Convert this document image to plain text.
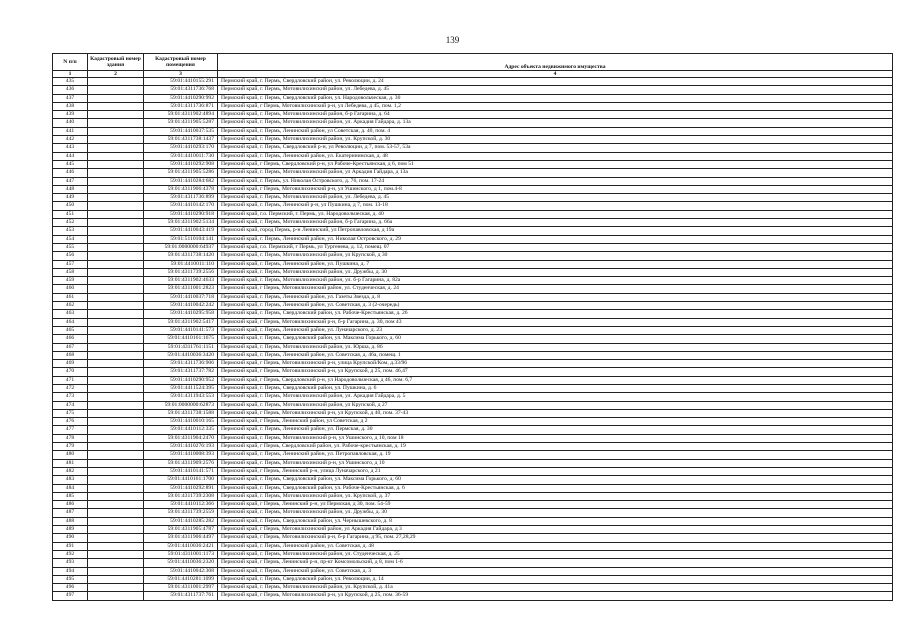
139
N п/п	Кадастровый номер здания	Кадастровый номер помещения	Адрес объекта недвижимого имущества
1	2	3	4
435		59:01:4410155:291	Пермский край, г. Пермь, Свердловский район, ул. Революции, д. 24
436		59:01:4311736:768	Пермский край, г. Пермь, Мотовилихинский район, ул. Лебедева, д. 45
437		59:01:4410290:992	Пермский край, г. Пермь, Свердловский район, ул. Народовольческая, д. 30
438		59:01:4311736:871	Пермский край, г Пермь, Мотовилихинский р-н, ул Лебедева, д 45, пом. 1,2
439		59:01:4311902:4894	Пермский край, г. Пермь, Мотовилихинский район, б-р Гагарина, д. 64
440		59:01:4311905:5287	Пермский край, г. Пермь, Мотовилихинский район, ул. Аркадия Гайдара, д. 13а
441		59:01:4410037:535	Пермский край, г. Пермь, Ленинский район, ул Советская, д. 40, пом. 4
442		59:01:4311738:1437	Пермский край, г. Пермь, Мотовилихинский район, ул. Крупской, д. 30
443		59:01:4410293:170	Пермский край, г. Пермь, Свердловский р-н, ул Революции, д 7, пом. 53-57, 53а
444		59:01:4410011:730	Пермский край, г. Пермь, Ленинский район, ул. Екатерининская, д. 48
445		59:01:4410292:908	Пермский край, г Пермь, Свердловский р-н, ул Рабоче-Крестьянская, д 6, пом 51
446		59:01:4311905:5286	Пермский край, г. Пермь, Мотовилихинский район, ул Аркадия Гайдара, д 13а
447		59:01:4410284:682	Пермский край, г. Пермь, ул. Николая Островского, д. 76, пом. 17-24
448		59:01:4311906:4378	Пермский край, г Пермь, Мотовилихинский р-н, ул Ушинского, д 1, пом.4-8
449		59:01:4311736:899	Пермский край, г. Пермь, Мотовилихинский район, ул. Лебедева, д. 45
450		59:01:4410142:170	Пермский край, г. Пермь, Ленинский р-н, ул Пушкина, д 7, пом. 13-18
451		59:01:4410290:918	Пермский край, г.о. Пермский, г. Пермь, ул. Народовольческая, д. 40
452		59:01:4311902:5134	Пермский край, г. Пермь, Мотовилихинский район, б-р Гагарина, д. 66а
453		59:01:4410043:419	Пермский край, город Пермь, р-н Ленинский, ул Петропавловская, д 19а
454		59:01:5110104:141	Пермский край, г. Пермь, Ленинский район, ул. Николая Островского, д. 29
455		59:01:0000000:64937	Пермский край, г.о. Пермский, г Пермь, ул Тургенева, д. 12, помещ. 07
456		59:01:4311738:1420	Пермский край, г. Пермь, Мотовилихинский район, ул Крупской, д 30
457		59:01:4410011:110	Пермский край, г. Пермь, Ленинский район, ул. Пушкина, д. 7
458		59:01:4311739:2556	Пермский край, г. Пермь, Мотовилихинский район, ул. Дружбы, д. 30
459		59:01:4311902:4633	Пермский край, г. Пермь, Мотовилихинский район, ул. б-р Гагарина, д. 82а
460		59:01:4311001:2823	Пермский край, г Пермь, Мотовилихинский район, ул. Студенческая, д. 24
461		59:01:4410037:718	Пермский край, г. Пермь, Ленинский район, ул. Газеты Звезда, д. 8
462		59:01:4410042:242	Пермский край, г. Пермь, Ленинский район, ул. Советская, д. 3 (2-очередь)
463		59:01:4410295:958	Пермский край, г. Пермь, Свердловский район, ул. Рабоче-Крестьянская, д. 26
464		59:01:4311902:5417	Пермский край, г Пермь, Мотовилихинский р-н, б-р Гагарина, д. 30, пом 43
465		59:01:4410141:573	Пермский край, г. Пермь, Ленинский район, ул. Луначарского, д. 23
466		59:01:4410161:1675	Пермский край, г. Пермь, Свердловский район, ул. Максима Горького, д. 60
467		59:01:4311761:1151	Пермский край, г. Пермь, Мотовилихинский район, ул. Юрша, д. 86
468		59:01:4410036:3420	Пермский край, г. Пермь, Ленинский район, ул. Советская, д. 46а, помещ. 1
469		59:01:4311736:906	Пермский край, г Пермь, Мотовилихинский р-н, улица Крупской/Ком, д.33/96
470		59:01:4311737:782	Пермский край, г Пермь, Мотовилихинский р-н, ул Крупской, д 25, пом. 46,47
471		59:01:4410290:952	Пермский край, г Пермь, Свердловский р-н, ул Народовольческая, д 46, пом. 6,7
472		59:01:4411524:395	Пермский край, г. Пермь, Свердловский район, ул. Пушкина, д. 6
473		59:01:4311943:553	Пермский край, г. Пермь, Мотовилихинский район, ул. Аркадия Гайдара, д. 5
474		59:01:0000000:62873	Пермский край, г. Пермь, Мотовилихинский район, ул Крупской, д 27
475		59:01:4311738:1588	Пермский край, г Пермь, Мотовилихинский р-н, ул Крупской, д 40, пом. 37-43
476		59:01:4410010:165	Пермский край, г Пермь, Ленинский район, ул Советская, д 2
477		59:01:4410112:335	Пермский край, г. Пермь, Ленинский район, ул. Пермская, д. 30
478		59:01:4311904:2470	Пермский край, г. Пермь, Мотовилихинский р-н, ул Ушинского, д 10, пом 18
479		59:01:4410276:193	Пермский край, г Пермь, Свердловский район, ул. Рабоче-крестьянская, д. 19
480		59:01:4410008:393	Пермский край, г. Пермь, Ленинский район, ул. Петропавловская, д. 19
481		59:01:4311909:2576	Пермский край, г. Пермь, Мотовилихинский р-н, ул Ушинского, д 10
482		59:01:4410141:571	Пермский край, г Пермь, Ленинский р-н, улица Луначарского, д 21
483		59:01:4410161:1700	Пермский край, г. Пермь, Свердловский район, ул. Максима Горького, д. 60
484		59:01:4410292:891	Пермский край, г. Пермь, Свердловский район, ул. Рабоче-Крестьянская, д. 6
485		59:01:4311739:2308	Пермский край, г. Пермь, Мотовилихинский район, ул. Крупской, д. 37
486		59:01:4410112:366	Пермский край, г Пермь, Ленинский р-н, ул Пермская, д 30, пом. 54-59
487		59:01:4311739:2559	Пермский край, г. Пермь, Мотовилихинский район, ул. Дружбы, д. 30
488		59:01:4410285:282	Пермский край, г. Пермь, Свердловский район, ул. Чернышевского, д. 8
489		59:01:4311905:4787	Пермский край, г Пермь, Мотовилихинский район, ул Аркадия Гайдара, д 3
490		59:01:4311906:4497	Пермский край, г Пермь, Мотовилихинский р-н, б-р Гагарина, д 95, пом. 27,28,29
491		59:01:4410036:2421	Пермский край, г. Пермь, Ленинский район, ул. Советская, д. 48
492		59:01:4311001:1173	Пермский край, г. Пермь, Мотовилихинский район, ул. Студенческая, д. 25
493		59:01:4410036:2320	Пермский край, г Пермь, Ленинский р-н, пр-кт Комсомольский, д 8, пом 1-6
494		59:01:4410042:308	Пермский край, г. Пермь, Ленинский район, ул. Советская, д. 3
495		59:01:4410281:1099	Пермский край, г. Пермь, Свердловский район, ул. Революции, д. 14
496		59:01:4311001:2997	Пермский край, г. Пермь, Мотовилихинский район, ул. Крупской, д. 41а
497		59:01:4311737:761	Пермский край, г Пермь, Мотовилихинский р-н, ул Крупской, д 25, пом. 36-59
